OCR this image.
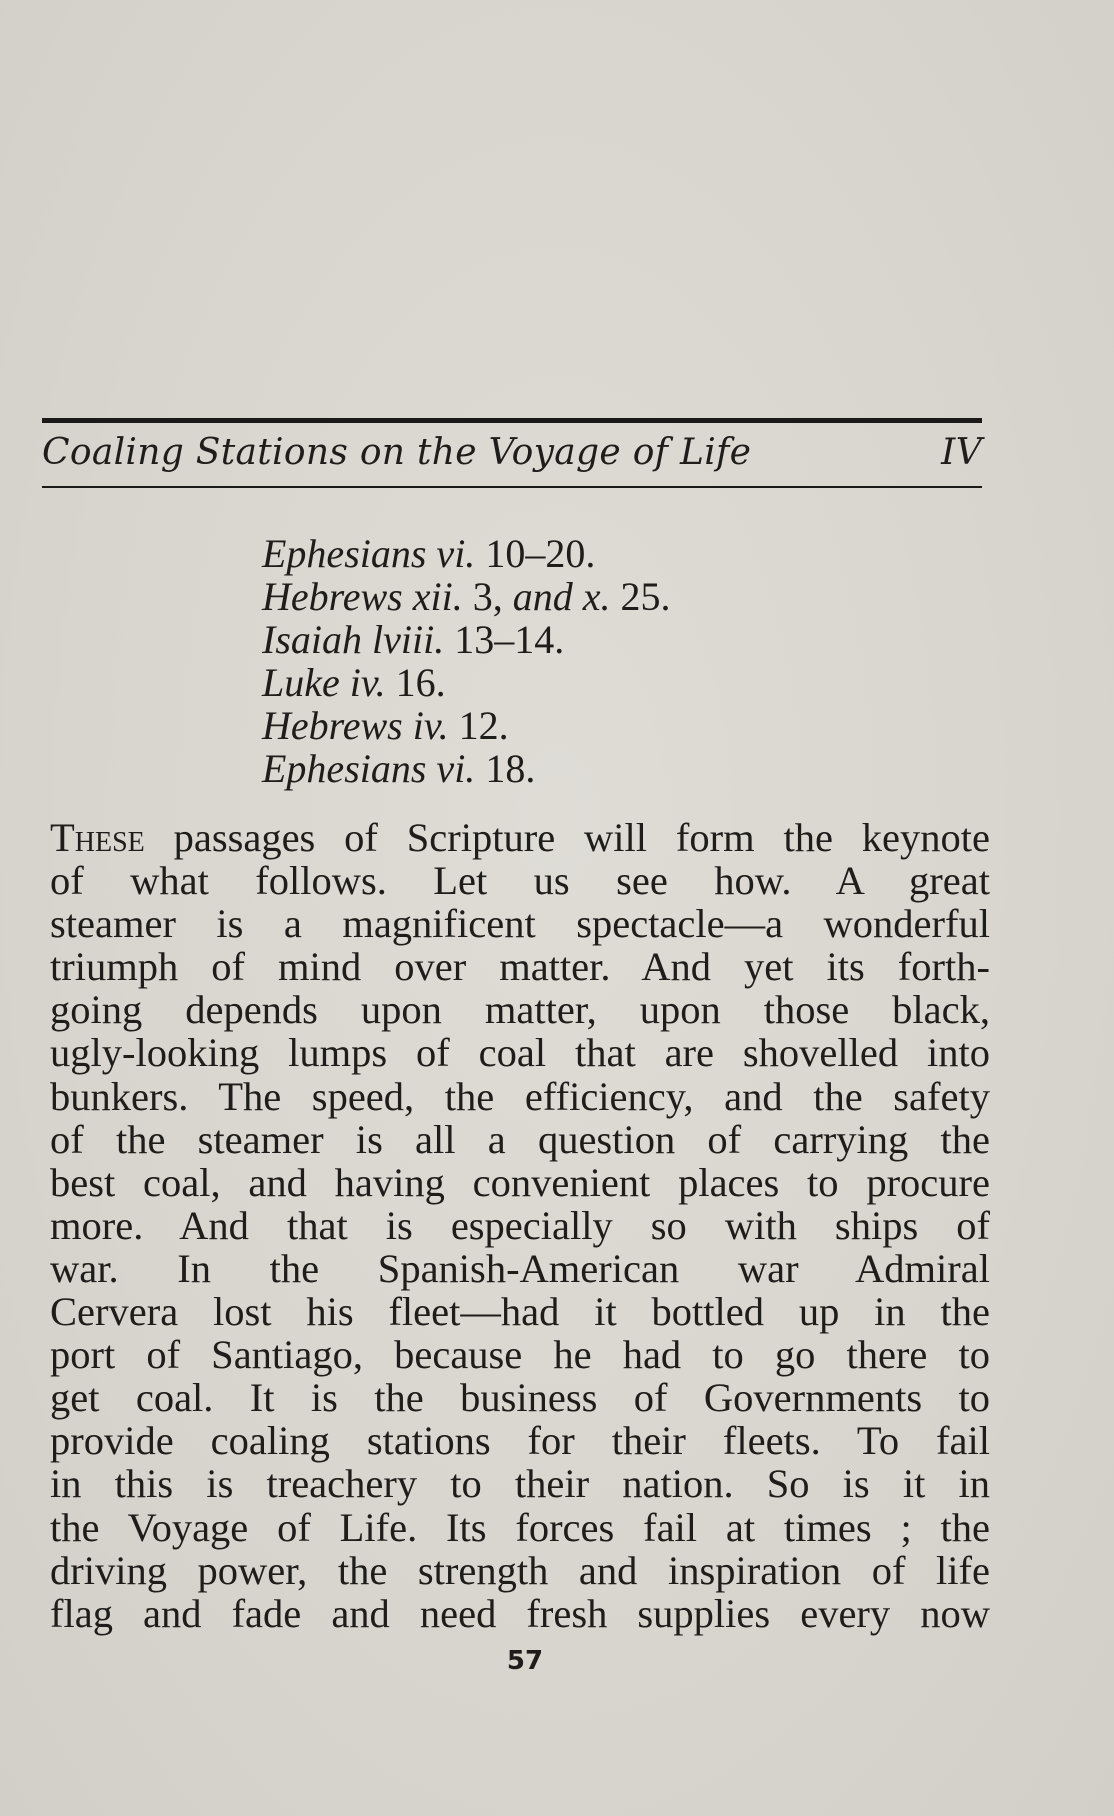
Coaling Stations on the Voyage of Life	IV
Ephesians vi. 10–20.
Hebrews xii. 3, and x. 25.
Isaiah lviii. 13–14.
Luke iv. 16.
Hebrews iv. 12.
Ephesians vi. 18.
These passages of Scripture will form the keynote
of what follows. Let us see how. A great
steamer is a magnificent spectacle—a wonderful
triumph of mind over matter. And yet its forth-
going depends upon matter, upon those black,
ugly-looking lumps of coal that are shovelled into
bunkers. The speed, the efficiency, and the safety
of the steamer is all a question of carrying the
best coal, and having convenient places to procure
more. And that is especially so with ships of
war. In the Spanish-American war Admiral
Cervera lost his fleet—had it bottled up in the
port of Santiago, because he had to go there to
get coal. It is the business of Governments to
provide coaling stations for their fleets. To fail
in this is treachery to their nation. So is it in
the Voyage of Life. Its forces fail at times ; the
driving power, the strength and inspiration of life
flag and fade and need fresh supplies every now
57
